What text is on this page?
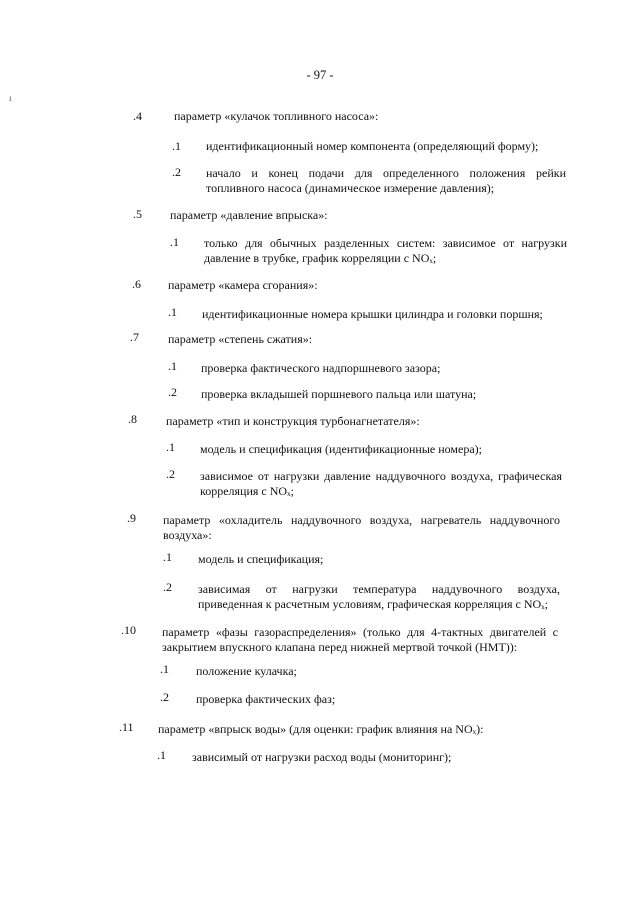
- 97 -
ı
.4	параметр «кулачок топливного насоса»:
.1 идентификационный номер компонента (определяющий форму);
.2 начало и конец подачи для определенного положения рейки топливного насоса (динамическое измерение давления);
.5 параметр «давление впрыска»:
.1 только для обычных разделенных систем: зависимое от нагрузки давление в трубке, график корреляции с NOₓ;
.6 параметр «камера сгорания»:
.1 идентификационные номера крышки цилиндра и головки поршня;
.7 параметр «степень сжатия»:
.1 проверка фактического надпоршневого зазора;
.2 проверка вкладышей поршневого пальца или шатуна;
.8 параметр «тип и конструкция турбонагнетателя»:
.1 модель и спецификация (идентификационные номера);
.2 зависимое от нагрузки давление наддувочного воздуха, графическая корреляция с NOₓ;
.9 параметр «охладитель наддувочного воздуха, нагреватель наддувочного воздуха»:
.1 модель и спецификация;
.2 зависимая от нагрузки температура наддувочного воздуха, приведенная к расчетным условиям, графическая корреляция с NOₓ;
.10 параметр «фазы газораспределения» (только для 4-тактных двигателей с закрытием впускного клапана перед нижней мертвой точкой (НМТ)):
.1 положение кулачка;
.2 проверка фактических фаз;
.11 параметр «впрыск воды» (для оценки: график влияния на NOₓ):
.1 зависимый от нагрузки расход воды (мониторинг);
